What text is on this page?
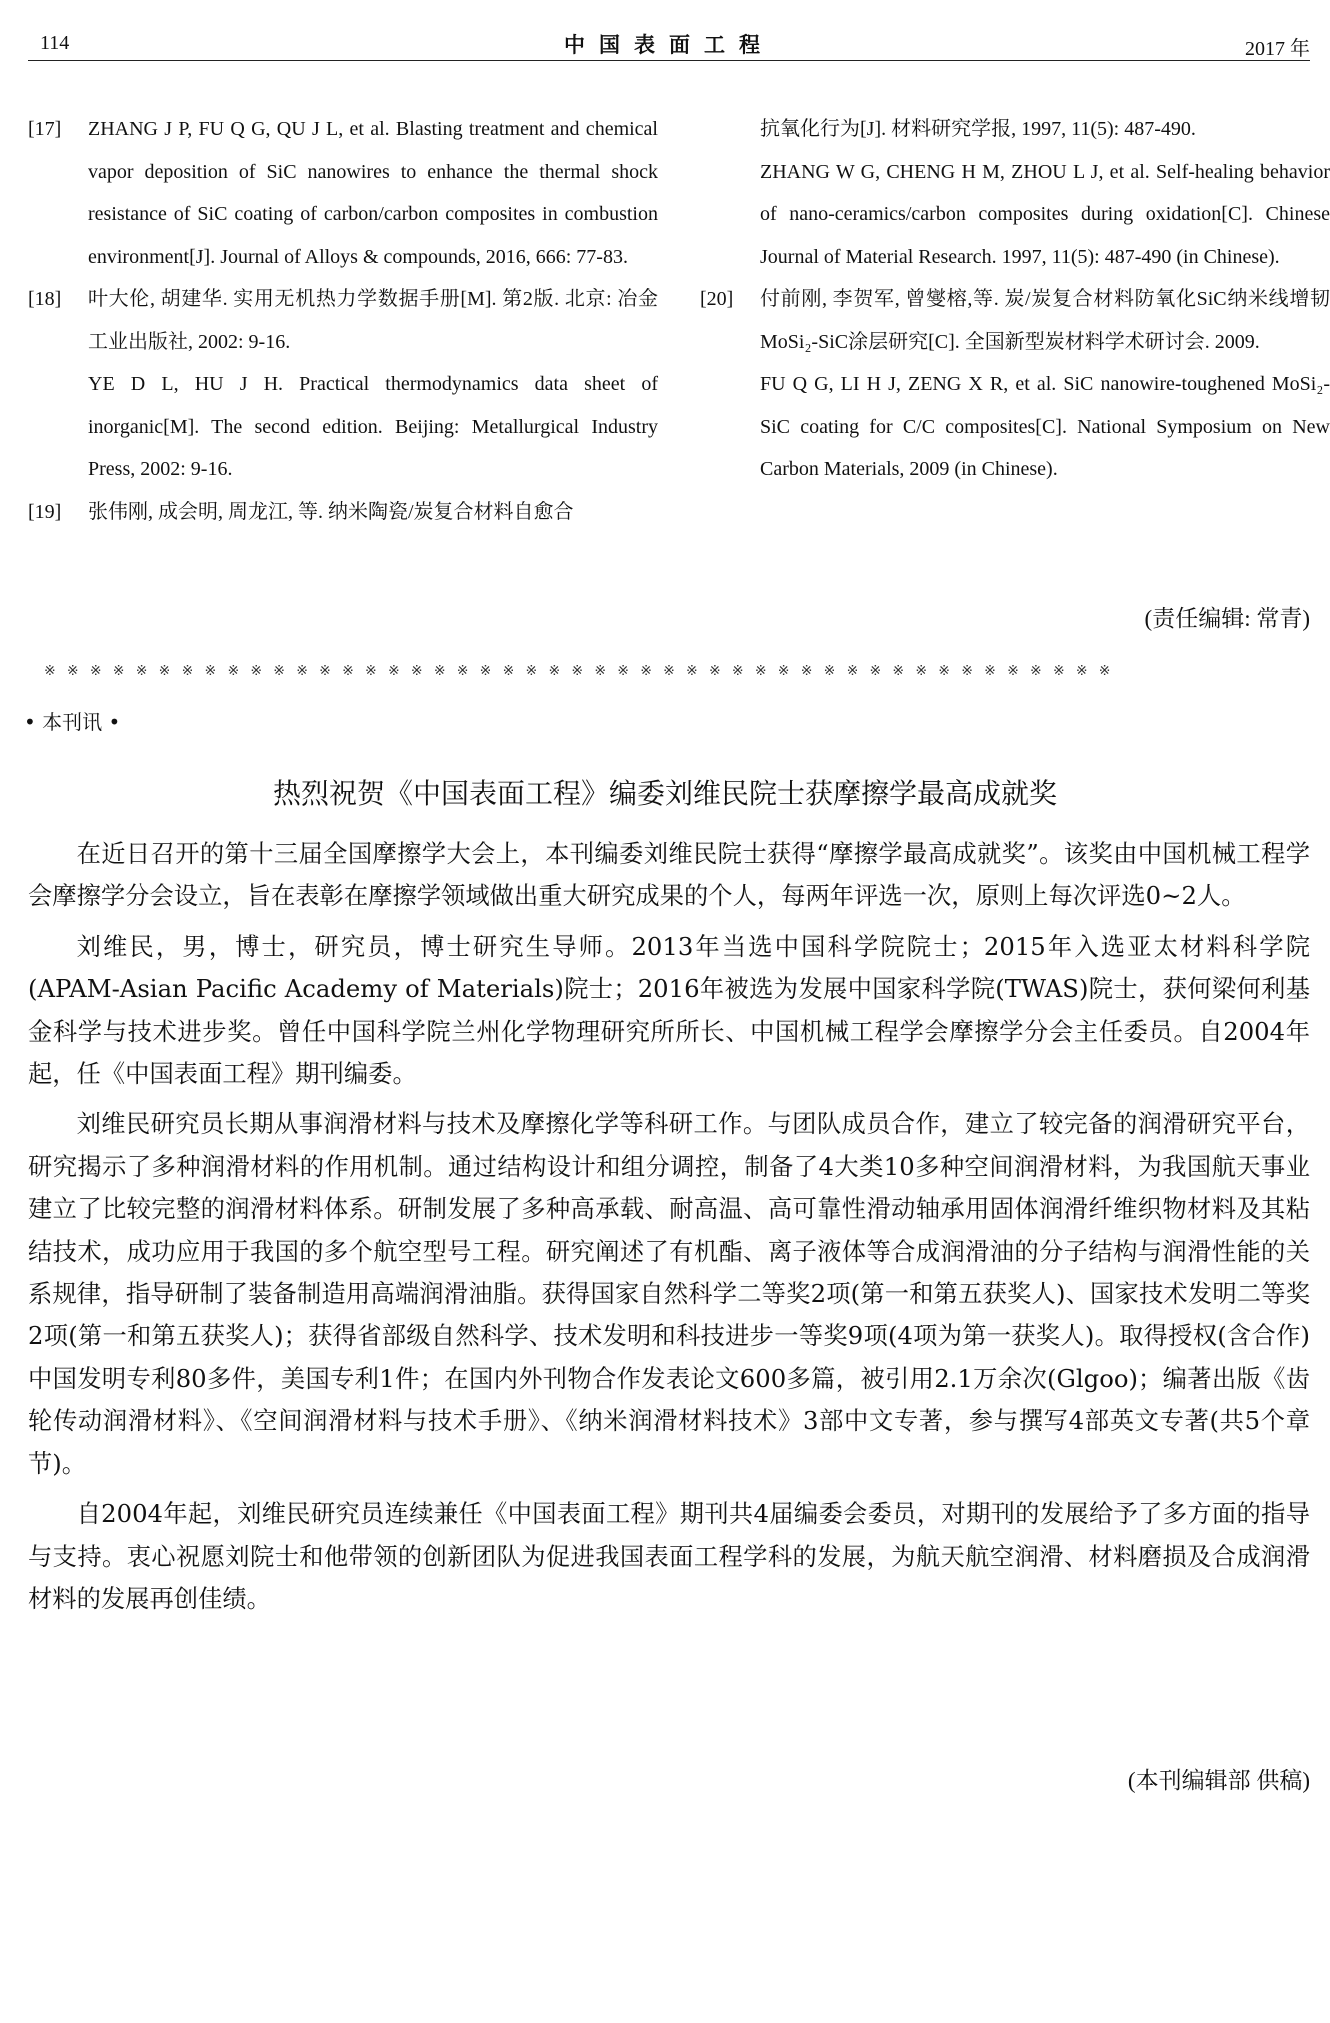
114	中国表面工程	2017 年
[17] ZHANG J P, FU Q G, QU J L, et al. Blasting treatment and chemical vapor deposition of SiC nanowires to enhance the thermal shock resistance of SiC coating of carbon/carbon composites in combustion environment[J]. Journal of Alloys & compounds, 2016, 666: 77-83.
[18] 叶大伦, 胡建华. 实用无机热力学数据手册[M]. 第2版. 北京: 冶金工业出版社, 2002: 9-16.
YE D L, HU J H. Practical thermodynamics data sheet of inorganic[M]. The second edition. Beijing: Metallurgical Industry Press, 2002: 9-16.
[19] 张伟刚, 成会明, 周龙江, 等. 纳米陶瓷/炭复合材料自愈合
抗氧化行为[J]. 材料研究学报, 1997, 11(5): 487-490.
ZHANG W G, CHENG H M, ZHOU L J, et al. Self-healing behavior of nano-ceramics/carbon composites during oxidation[C]. Chinese Journal of Material Research. 1997, 11(5): 487-490 (in Chinese).
[20] 付前刚, 李贺军, 曾燮榕,等. 炭/炭复合材料防氧化SiC纳米线增韧MoSi₂-SiC涂层研究[C]. 全国新型炭材料学术研讨会. 2009.
FU Q G, LI H J, ZENG X R, et al. SiC nanowire-toughened MoSi₂-SiC coating for C/C composites[C]. National Symposium on New Carbon Materials, 2009 (in Chinese).
(责任编辑: 常青)
※※※※※※※※※※※※※※※※※※※※※※※※※※※※※※※※※※※※※※※※※※※※※※※
• 本刊讯 •
热烈祝贺《中国表面工程》编委刘维民院士获摩擦学最高成就奖

在近日召开的第十三届全国摩擦学大会上，本刊编委刘维民院士获得“摩擦学最高成就奖”。该奖由中国机械工程学会摩擦学分会设立，旨在表彰在摩擦学领域做出重大研究成果的个人，每两年评选一次，原则上每次评选0~2人。

刘维民，男，博士，研究员，博士研究生导师。2013年当选中国科学院院士；2015年入选亚太材料科学院(APAM-Asian Pacific Academy of Materials)院士；2016年被选为发展中国家科学院(TWAS)院士，获何梁何利基金科学与技术进步奖。曾任中国科学院兰州化学物理研究所所长、中国机械工程学会摩擦学分会主任委员。自2004年起，任《中国表面工程》期刊编委。

刘维民研究员长期从事润滑材料与技术及摩擦化学等科研工作。与团队成员合作，建立了较完备的润滑研究平台，研究揭示了多种润滑材料的作用机制。通过结构设计和组分调控，制备了4大类10多种空间润滑材料，为我国航天事业建立了比较完整的润滑材料体系。研制发展了多种高承载、耐高温、高可靠性滑动轴承用固体润滑纤维织物材料及其粘结技术，成功应用于我国的多个航空型号工程。研究阐述了有机酯、离子液体等合成润滑油的分子结构与润滑性能的关系规律，指导研制了装备制造用高端润滑油脂。获得国家自然科学二等奖2项(第一和第五获奖人)、国家技术发明二等奖2项(第一和第五获奖人)；获得省部级自然科学、技术发明和科技进步一等奖9项(4项为第一获奖人)。取得授权(含合作)中国发明专利80多件，美国专利1件；在国内外刊物合作发表论文600多篇，被引用2.1万余次(Glgoo)；编著出版《齿轮传动润滑材料》、《空间润滑材料与技术手册》、《纳米润滑材料技术》3部中文专著，参与撰写4部英文专著(共5个章节)。

自2004年起，刘维民研究员连续兼任《中国表面工程》期刊共4届编委会委员，对期刊的发展给予了多方面的指导与支持。衷心祝愿刘院士和他带领的创新团队为促进我国表面工程学科的发展，为航天航空润滑、材料磨损及合成润滑材料的发展再创佳绩。

(本刊编辑部 供稿)
